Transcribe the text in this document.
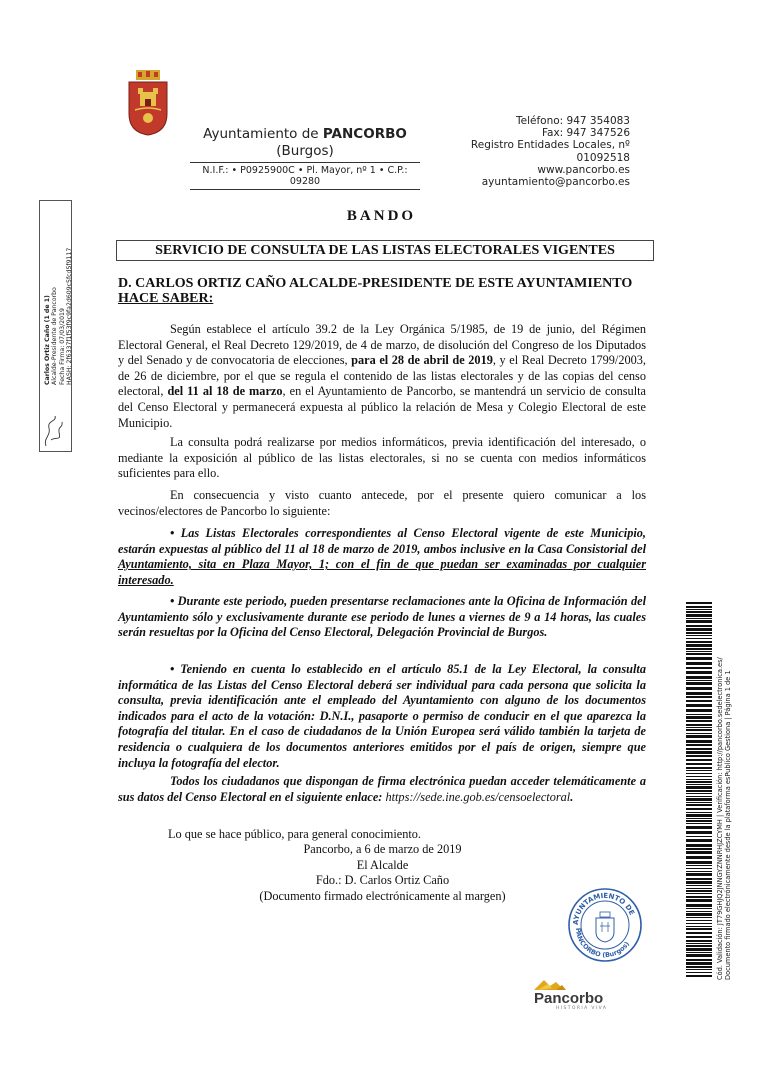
Ayuntamiento de PANCORBO
(Burgos)
N.I.F.: • P0925900C • Pl. Mayor, nº 1 • C.P.: 09280
Teléfono: 947 354083
Fax: 947 347526
Registro Entidades Locales, nº
01092518
www.pancorbo.es
ayuntamiento@pancorbo.es
Carlos Ortiz Caño (1 de 1) Alcalde-Presidente de Pancorbo Fecha Firma: 07/03/2019 HASH: 2f6337f1f53f9c9fa2d609c5fcd5f9117
BANDO
SERVICIO DE CONSULTA DE LAS LISTAS ELECTORALES VIGENTES
D. CARLOS ORTIZ CAÑO ALCALDE-PRESIDENTE DE ESTE AYUNTAMIENTO
HACE SABER:
Según establece el artículo 39.2 de la Ley Orgánica 5/1985, de 19 de junio, del Régimen Electoral General, el Real Decreto 129/2019, de 4 de marzo, de disolución del Congreso de los Diputados y del Senado y de convocatoria de elecciones, para el 28 de abril de 2019, y el Real Decreto 1799/2003, de 26 de diciembre, por el que se regula el contenido de las listas electorales y de las copias del censo electoral, del 11 al 18 de marzo, en el Ayuntamiento de Pancorbo, se mantendrá un servicio de consulta del Censo Electoral y permanecerá expuesta al público la relación de Mesa y Colegio Electoral de este Municipio.
La consulta podrá realizarse por medios informáticos, previa identificación del interesado, o mediante la exposición al público de las listas electorales, si no se cuenta con medios informáticos suficientes para ello.
En consecuencia y visto cuanto antecede, por el presente quiero comunicar a los vecinos/electores de Pancorbo lo siguiente:
• Las Listas Electorales correspondientes al Censo Electoral vigente de este Municipio, estarán expuestas al público del 11 al 18 de marzo de 2019, ambos inclusive en la Casa Consistorial del Ayuntamiento, sita en Plaza Mayor, 1; con el fin de que puedan ser examinadas por cualquier interesado.
• Durante este periodo, pueden presentarse reclamaciones ante la Oficina de Información del Ayuntamiento sólo y exclusivamente durante ese periodo de lunes a viernes de 9 a 14 horas, las cuales serán resueltas por la Oficina del Censo Electoral, Delegación Provincial de Burgos.
• Teniendo en cuenta lo establecido en el artículo 85.1 de la Ley Electoral, la consulta informática de las Listas del Censo Electoral deberá ser individual para cada persona que solicita la consulta, previa identificación ante el empleado del Ayuntamiento con alguno de los documentos indicados para el acto de la votación: D.N.I., pasaporte o permiso de conducir en el que aparezca la fotografía del titular. En el caso de ciudadanos de la Unión Europea será válido también la tarjeta de residencia o cualquiera de los documentos anteriores emitidos por el país de origen, siempre que incluya la fotografía del elector.
Todos los ciudadanos que dispongan de firma electrónica puedan acceder telemáticamente a sus datos del Censo Electoral en el siguiente enlace: https://sede.ine.gob.es/censoelectoral.
Lo que se hace público, para general conocimiento.
Pancorbo, a 6 de marzo de 2019
El Alcalde
Fdo.: D. Carlos Ortiz Caño
(Documento firmado electrónicamente al margen)
AYUNTAMIENTO DE
PANCORBO (Burgos)
Pancorbo
HISTORIA VIVA
Cód. Validación: JT79GHJQ2JNNGYZNNRHJZCYMH | Verificación: http://pancorbo.sedelectronica.es/ Documento firmado electrónicamente desde la plataforma esPublico Gestiona | Página 1 de 1
